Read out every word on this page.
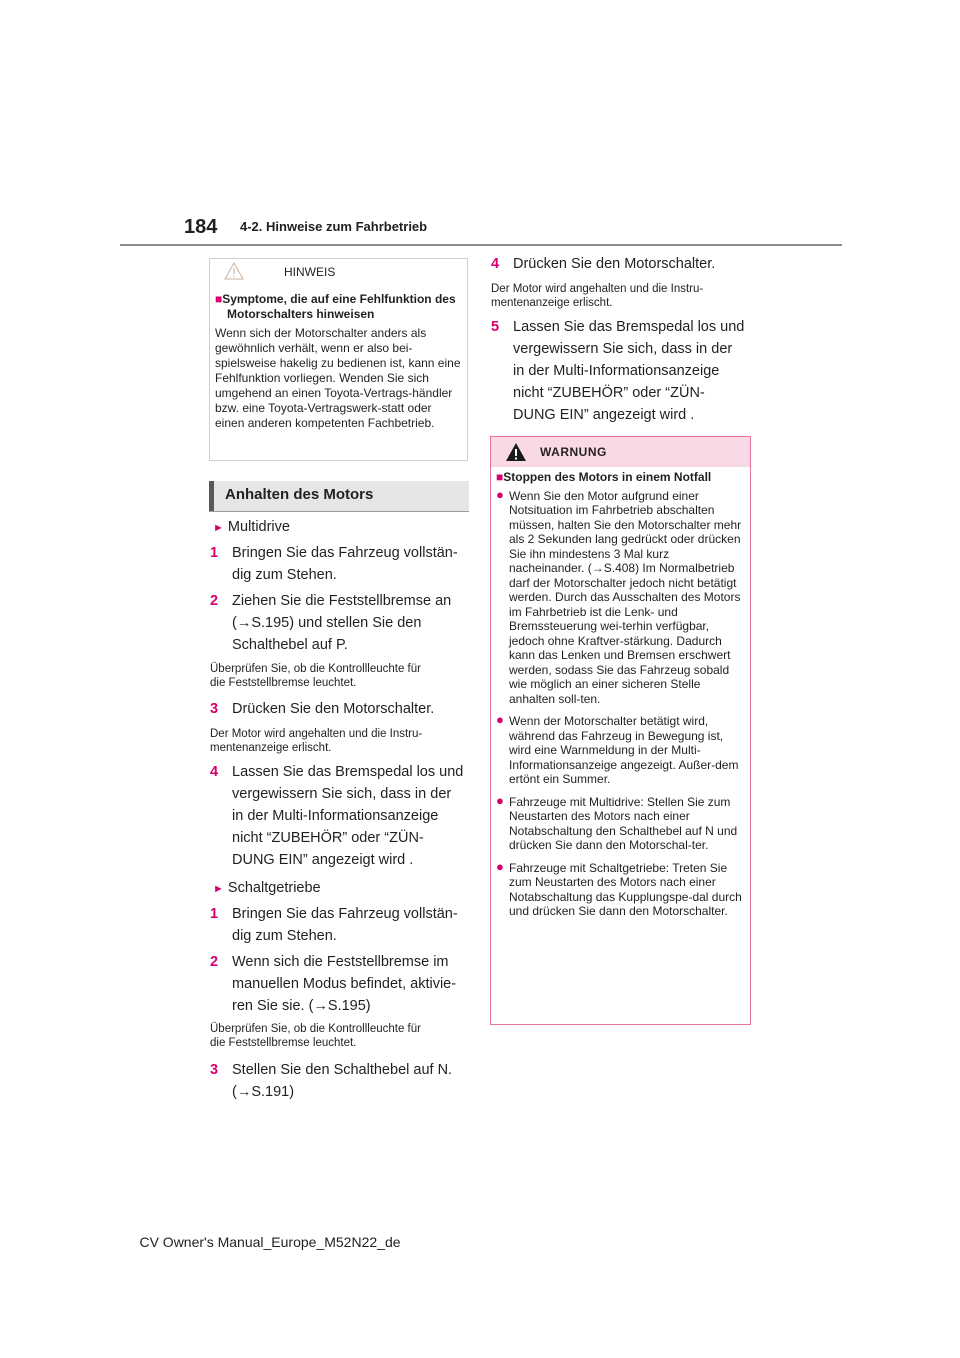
184 4-2. Hinweise zum Fahrbetrieb
HINWEIS
■Symptome, die auf eine Fehlfunktion des Motorschalters hinweisen
Wenn sich der Motorschalter anders als gewöhnlich verhält, wenn er also bei-spielsweise hakelig zu bedienen ist, kann eine Fehlfunktion vorliegen. Wenden Sie sich umgehend an einen Toyota-Vertrags-händler bzw. eine Toyota-Vertragswerk-statt oder einen anderen kompetenten Fachbetrieb.
Anhalten des Motors
► Multidrive
1 Bringen Sie das Fahrzeug vollstän-
dig zum Stehen.
2 Ziehen Sie die Feststellbremse an
(→S.195) und stellen Sie den
Schalthebel auf P.
Überprüfen Sie, ob die Kontrollleuchte für
die Feststellbremse leuchtet.
3 Drücken Sie den Motorschalter.
Der Motor wird angehalten und die Instru-
mentenanzeige erlischt.
4 Lassen Sie das Bremspedal los und
vergewissern Sie sich, dass in der
in der Multi-Informationsanzeige
nicht “ZUBEHÖR” oder “ZÜN-
DUNG EIN” angezeigt wird .
► Schaltgetriebe
1 Bringen Sie das Fahrzeug vollstän-
dig zum Stehen.
2 Wenn sich die Feststellbremse im
manuellen Modus befindet, aktivie-
ren Sie sie. (→S.195)
Überprüfen Sie, ob die Kontrollleuchte für
die Feststellbremse leuchtet.
3 Stellen Sie den Schalthebel auf N.
(→S.191)
4 Drücken Sie den Motorschalter.
Der Motor wird angehalten und die Instru-
mentenanzeige erlischt.
5 Lassen Sie das Bremspedal los und
vergewissern Sie sich, dass in der
in der Multi-Informationsanzeige
nicht “ZUBEHÖR” oder “ZÜN-
DUNG EIN” angezeigt wird .
WARNUNG
■Stoppen des Motors in einem Notfall
● Wenn Sie den Motor aufgrund einer Notsituation im Fahrbetrieb abschalten müssen, halten Sie den Motorschalter mehr als 2 Sekunden lang gedrückt oder drücken Sie ihn mindestens 3 Mal kurz nacheinander. (→S.408) Im Normalbetrieb darf der Motorschalter jedoch nicht betätigt werden. Durch das Ausschalten des Motors im Fahrbetrieb ist die Lenk- und Bremssteuerung wei-terhin verfügbar, jedoch ohne Kraftver-stärkung. Dadurch kann das Lenken und Bremsen erschwert werden, sodass Sie das Fahrzeug sobald wie möglich an einer sicheren Stelle anhalten soll-ten.
● Wenn der Motorschalter betätigt wird, während das Fahrzeug in Bewegung ist, wird eine Warnmeldung in der Multi-Informationsanzeige angezeigt. Außer-dem ertönt ein Summer.
● Fahrzeuge mit Multidrive: Stellen Sie zum Neustarten des Motors nach einer Notabschaltung den Schalthebel auf N und drücken Sie dann den Motorschal-ter.
● Fahrzeuge mit Schaltgetriebe: Treten Sie zum Neustarten des Motors nach einer Notabschaltung das Kupplungspe-dal durch und drücken Sie dann den Motorschalter.
CV Owner's Manual_Europe_M52N22_de
